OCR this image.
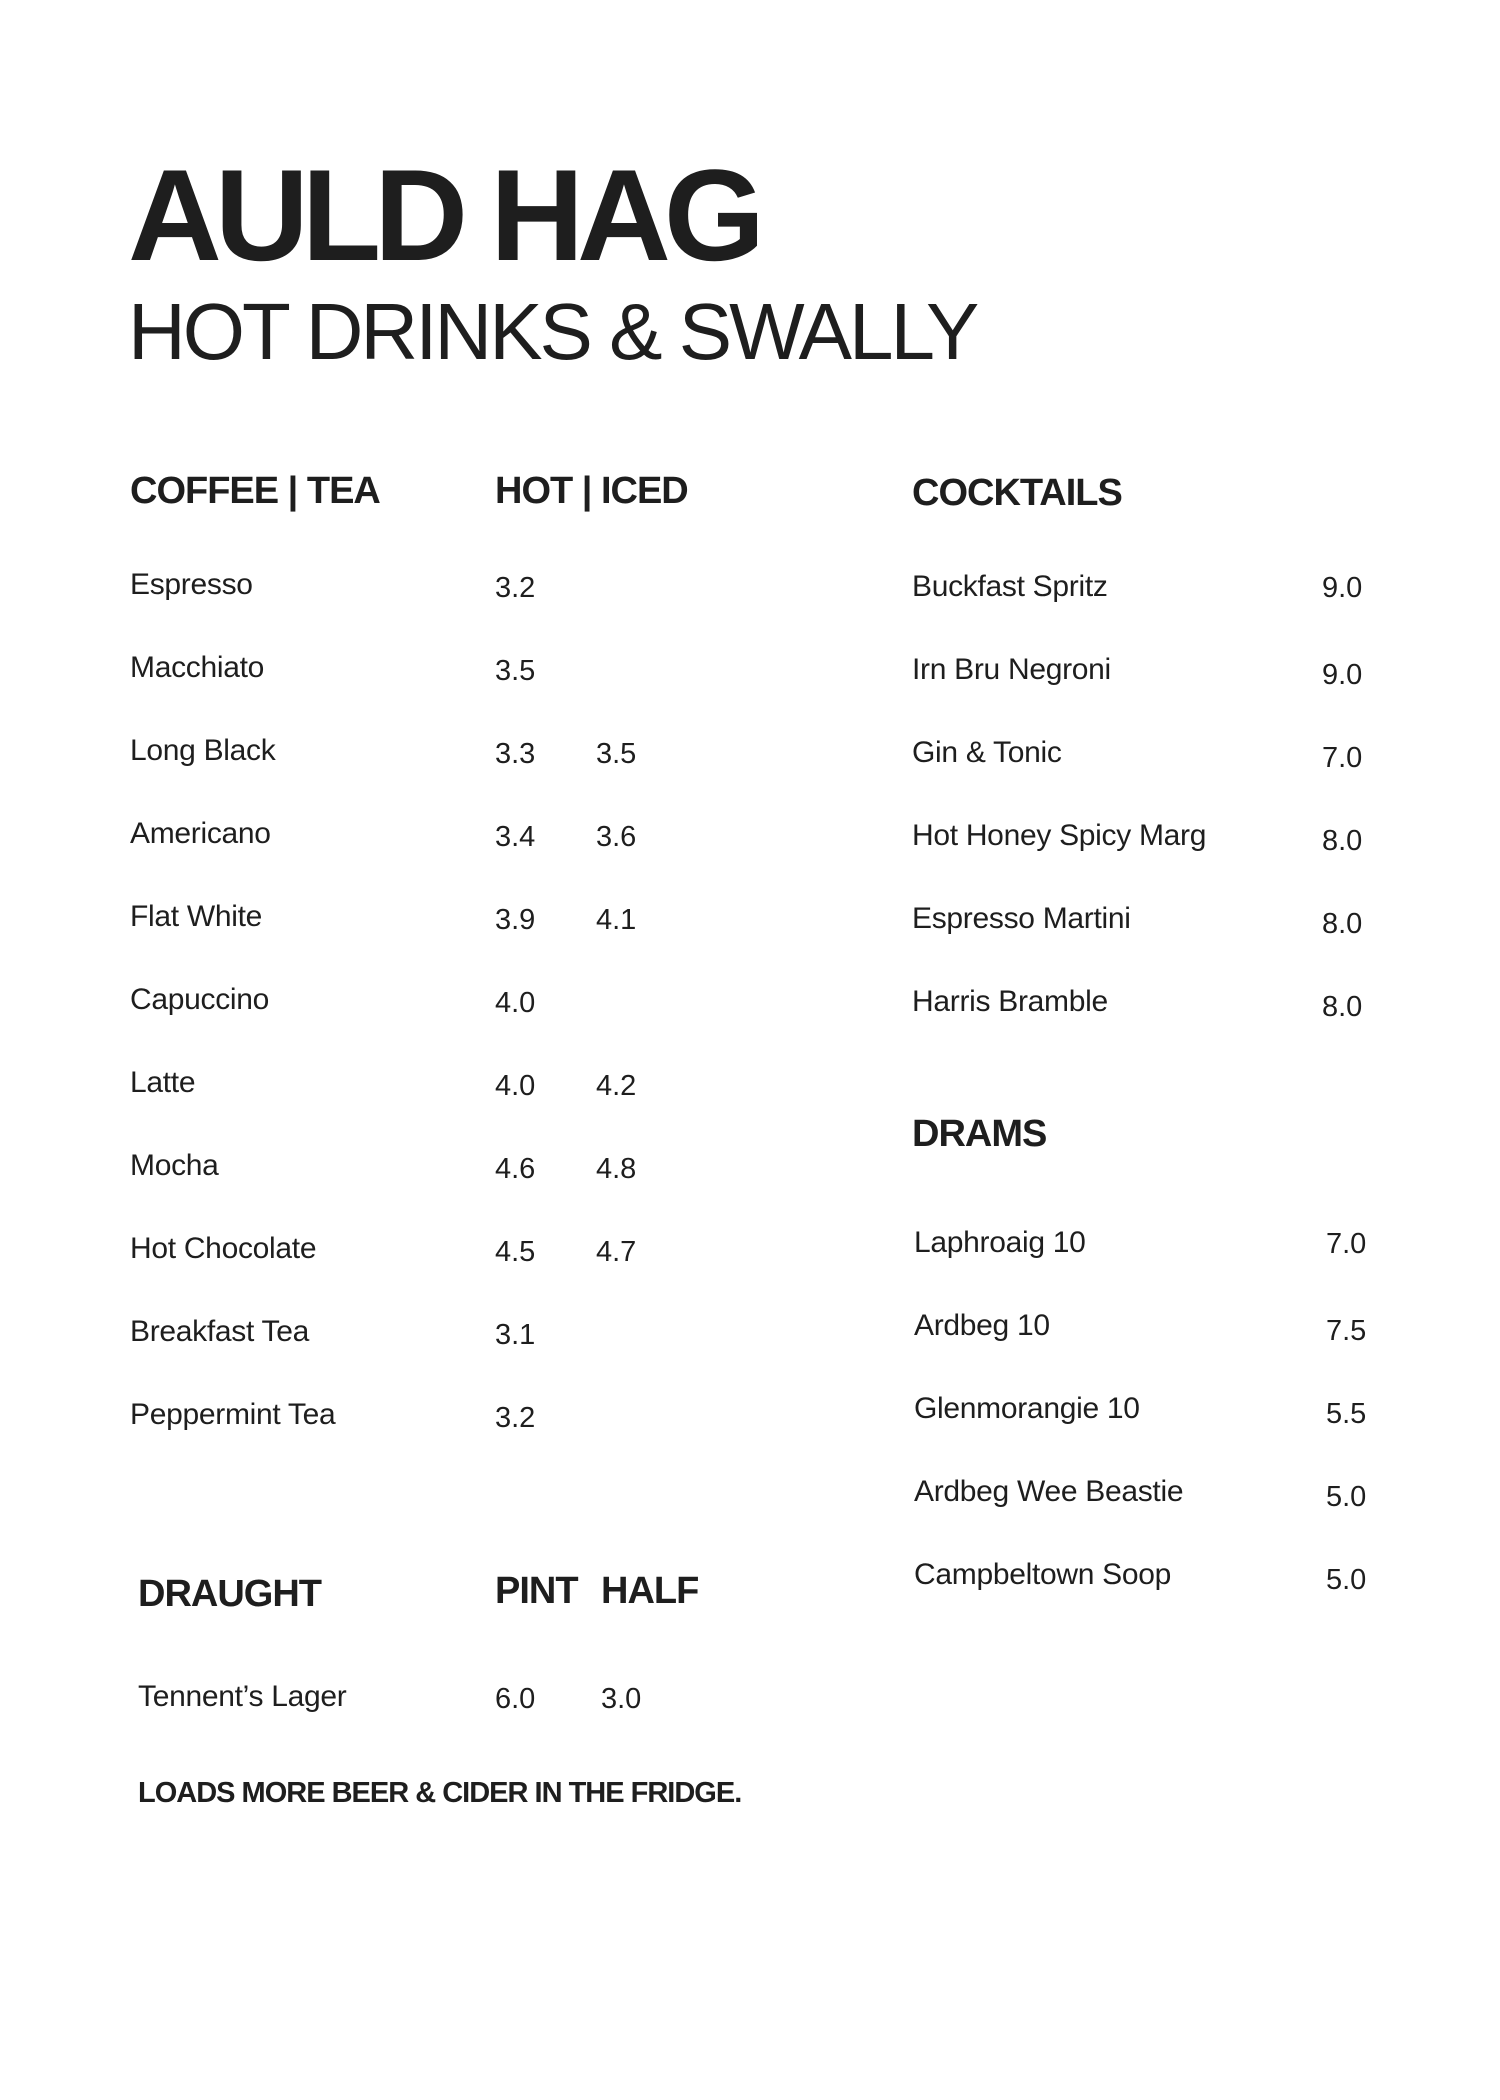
AULD HAG
HOT DRINKS & SWALLY
COFFEE | TEA	HOT | ICED
Espresso	3.2
Macchiato	3.5
Long Black	3.3 3.5
Americano	3.4 3.6
Flat White	3.9 4.1
Capuccino	4.0
Latte	4.0 4.2
Mocha	4.6 4.8
Hot Chocolate	4.5 4.7
Breakfast Tea	3.1
Peppermint Tea	3.2
DRAUGHT	PINT HALF
Tennent’s Lager	6.0 3.0
LOADS MORE BEER & CIDER IN THE FRIDGE.
COCKTAILS
Buckfast Spritz	9.0
Irn Bru Negroni	9.0
Gin & Tonic	7.0
Hot Honey Spicy Marg	8.0
Espresso Martini	8.0
Harris Bramble	8.0
DRAMS
Laphroaig 10	7.0
Ardbeg 10	7.5
Glenmorangie 10	5.5
Ardbeg Wee Beastie	5.0
Campbeltown Soop	5.0
